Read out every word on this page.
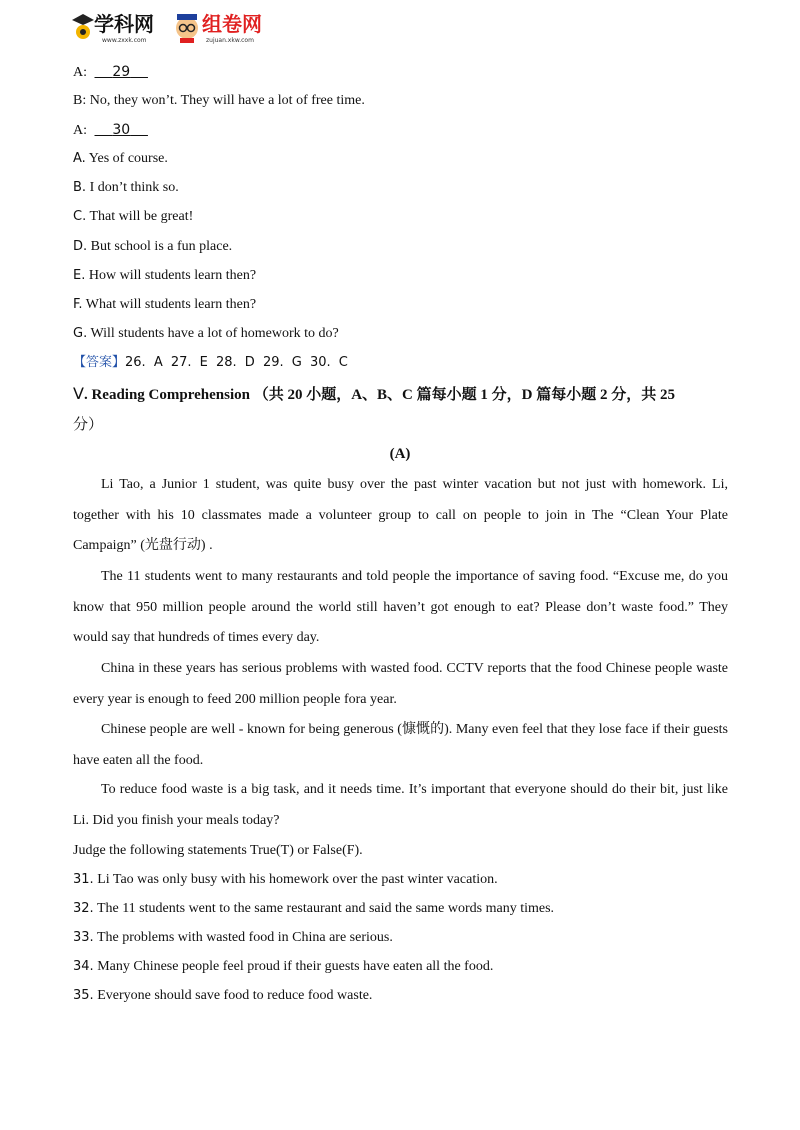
学科网
www.zxxk.com
组卷网
zujuan.xkw.com
A: 29
B: No, they won’t. They will have a lot of free time.
A: 30
A. Yes of course.
B. I don’t think so.
C. That will be great!
D. But school is a fun place.
E. How will students learn then?
F. What will students learn then?
G. Will students have a lot of homework to do?
【答案】26. A 27. E 28. D 29. G 30. C
Ⅴ. Reading Comprehension （共 20 小题，A、B、C 篇每小题 1 分，D 篇每小题 2 分，共 25
分）
(A)
Li Tao, a Junior 1 student, was quite busy over the past winter vacation but not just with homework. Li, together with his 10 classmates made a volunteer group to call on people to join in The “Clean Your Plate Campaign” (光盘行动) .
The 11 students went to many restaurants and told people the importance of saving food. “Excuse me, do you know that 950 million people around the world still haven’t got enough to eat? Please don’t waste food.” They would say that hundreds of times every day.
China in these years has serious problems with wasted food. CCTV reports that the food Chinese people waste every year is enough to feed 200 million people fora year.
Chinese people are well - known for being generous (慷慨的). Many even feel that they lose face if their guests have eaten all the food.
To reduce food waste is a big task, and it needs time. It’s important that everyone should do their bit, just like Li. Did you finish your meals today?
Judge the following statements True(T) or False(F).
31. Li Tao was only busy with his homework over the past winter vacation.
32. The 11 students went to the same restaurant and said the same words many times.
33. The problems with wasted food in China are serious.
34. Many Chinese people feel proud if their guests have eaten all the food.
35. Everyone should save food to reduce food waste.
